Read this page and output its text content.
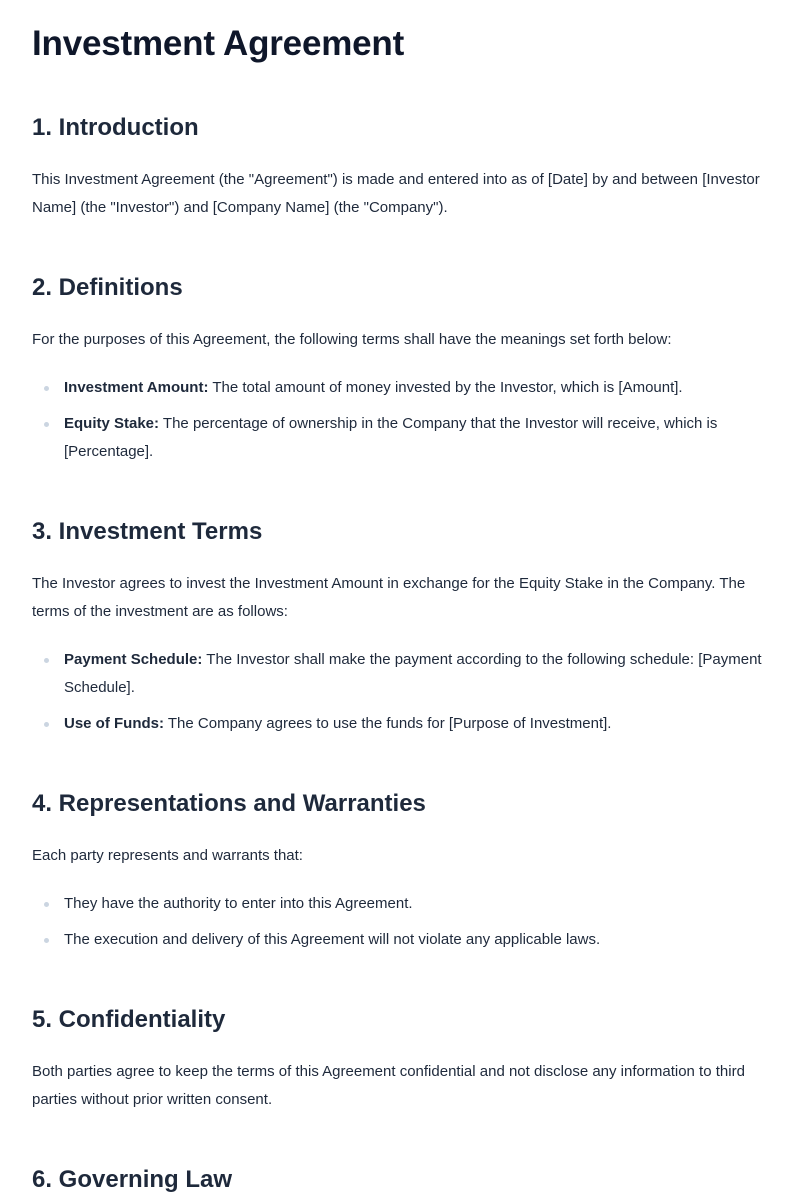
Investment Agreement
1. Introduction

This Investment Agreement (the "Agreement") is made and entered into as of [Date] by and between [Investor Name] (the "Investor") and [Company Name] (the "Company").

2. Definitions

For the purposes of this Agreement, the following terms shall have the meanings set forth below:

Investment Amount: The total amount of money invested by the Investor, which is [Amount].
Equity Stake: The percentage of ownership in the Company that the Investor will receive, which is [Percentage].
3. Investment Terms

The Investor agrees to invest the Investment Amount in exchange for the Equity Stake in the Company. The terms of the investment are as follows:

Payment Schedule: The Investor shall make the payment according to the following schedule: [Payment Schedule].
Use of Funds: The Company agrees to use the funds for [Purpose of Investment].
4. Representations and Warranties

Each party represents and warrants that:

They have the authority to enter into this Agreement.
The execution and delivery of this Agreement will not violate any applicable laws.
5. Confidentiality

Both parties agree to keep the terms of this Agreement confidential and not disclose any information to third parties without prior written consent.

6. Governing Law
